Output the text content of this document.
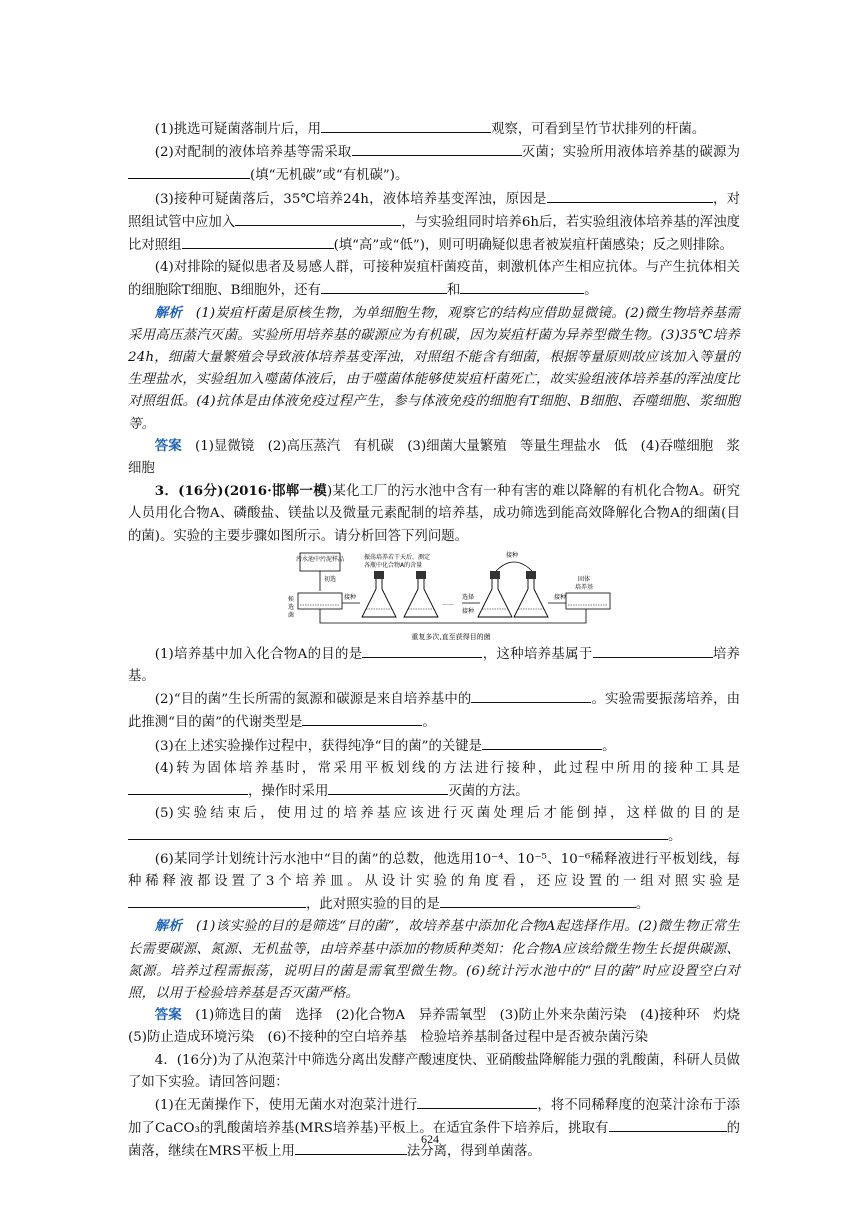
(1)挑选可疑菌落制片后，用	观察，可看到呈竹节状排列的杆菌。

(2)对配制的液体培养基等需采取	灭菌；实验所用液体培养基的碳源为(填“无机碳”或“有机碳”)。

(3)接种可疑菌落后，35℃培养24h，液体培养基变浑浊，原因是	，对照组试管中应加入	，与实验组同时培养6h后，若实验组液体培养基的浑浊度比对照组	(填“高”或“低”)，则可明确疑似患者被炭疽杆菌感染；反之则排除。

(4)对排除的疑似患者及易感人群，可接种炭疽杆菌疫苗，刺激机体产生相应抗体。与产生抗体相关的细胞除T细胞、B细胞外，还有	和	。

解析　 (1)炭疽杆菌是原核生物，为单细胞生物，观察它的结构应借助显微镜。(2)微生物培养基需采用高压蒸汽灭菌。实验所用培养基的碳源应为有机碳，因为炭疽杆菌为异养型微生物。(3)35℃培养24h，细菌大量繁殖会导致液体培养基变浑浊，对照组不能含有细菌，根据等量原则故应该加入等量的生理盐水，实验组加入噬菌体液后，由于噬菌体能够使炭疽杆菌死亡，故实验组液体培养基的浑浊度比对照组低。(4)抗体是由体液免疫过程产生，参与体液免疫的细胞有T细胞、B细胞、吞噬细胞、浆细胞等。

答案　 (1)显微镜　(2)高压蒸汽　有机碳　(3)细菌大量繁殖　等量生理盐水　低　(4)吞噬细胞　浆细胞

3．(16分)(2016·邯郸一模)某化工厂的污水池中含有一种有害的难以降解的有机化合物A。研究人员用化合物A、磷酸盐、镁盐以及微量元素配制的培养基，成功筛选到能高效降解化合物A的细菌(目的菌)。实验的主要步骤如图所示。请分析回答下列问题。

污水池中污泥样品
初选
候
选
菌
接种
振荡培养若干天后，测定
各瓶中化合物A的含量
……
接种
选择
接种
接种
固体
培养基
重复多次,直至获得目的菌

(1)培养基中加入化合物A的目的是	，这种培养基属于	培养基。

(2)“目的菌”生长所需的氮源和碳源是来自培养基中的	。实验需要振荡培养，由此推测“目的菌”的代谢类型是	。

(3)在上述实验操作过程中，获得纯净“目的菌”的关键是	。

(4)转为固体培养基时，常采用平板划线的方法进行接种，此过程中所用的接种工具是，操作时采用	灭菌的方法。

(5)实验结束后，使用过的培养基应该进行灭菌处理后才能倒掉，这样做的目的是。

(6)某同学计划统计污水池中“目的菌”的总数，他选用10⁻⁴、10⁻⁵、10⁻⁶稀释液进行平板划线，每种稀释液都设置了3个培养皿。从设计实验的角度看，还应设置的一组对照实验是，此对照实验的目的是	。

解析　 (1)该实验的目的是筛选“目的菌”，故培养基中添加化合物A起选择作用。(2)微生物正常生长需要碳源、氮源、无机盐等，由培养基中添加的物质种类知：化合物A应该给微生物生长提供碳源、氮源。培养过程需振荡，说明目的菌是需氧型微生物。(6)统计污水池中的“目的菌”时应设置空白对照，以用于检验培养基是否灭菌严格。

答案　 (1)筛选目的菌　选择　(2)化合物A　异养需氧型　(3)防止外来杂菌污染　(4)接种环　灼烧　(5)防止造成环境污染　(6)不接种的空白培养基　检验培养基制备过程中是否被杂菌污染

4．(16分)为了从泡菜汁中筛选分离出发酵产酸速度快、亚硝酸盐降解能力强的乳酸菌，科研人员做了如下实验。请回答问题：

(1)在无菌操作下，使用无菌水对泡菜汁进行	，将不同稀释度的泡菜汁涂布于添加了CaCO₃的乳酸菌培养基(MRS培养基)平板上。在适宜条件下培养后，挑取有	的菌落，继续在MRS平板上用	法分离，得到单菌落。

624
